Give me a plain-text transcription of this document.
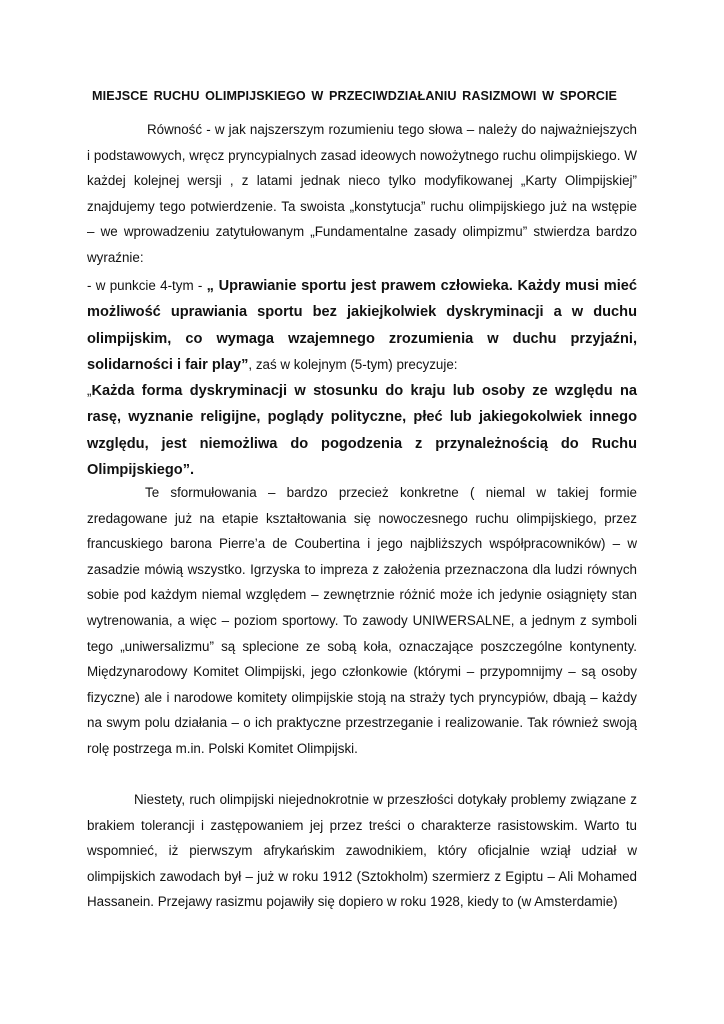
MIEJSCE RUCHU OLIMPIJSKIEGO W PRZECIWDZIAŁANIU RASIZMOWI W SPORCIE

Równość - w jak najszerszym rozumieniu tego słowa – należy do najważniejszych i podstawowych, wręcz pryncypialnych zasad ideowych nowożytnego ruchu olimpijskiego. W każdej kolejnej wersji , z latami jednak nieco tylko modyfikowanej „Karty Olimpijskiej” znajdujemy tego potwierdzenie. Ta swoista „konstytucja” ruchu olimpijskiego już na wstępie – we wprowadzeniu zatytułowanym „Fundamentalne zasady olimpizmu” stwierdza bardzo wyraźnie:

- w punkcie 4-tym - „ Uprawianie sportu jest prawem człowieka. Każdy musi mieć możliwość uprawiania sportu bez jakiejkolwiek dyskryminacji a w duchu olimpijskim, co wymaga wzajemnego zrozumienia w duchu przyjaźni, solidarności i fair play”, zaś w kolejnym (5-tym) precyzuje:
„Każda forma dyskryminacji w stosunku do kraju lub osoby ze względu na rasę, wyznanie religijne, poglądy polityczne, płeć lub jakiegokolwiek innego względu, jest niemożliwa do pogodzenia z przynależnością do Ruchu Olimpijskiego”.

Te sformułowania – bardzo przecież konkretne ( niemal w takiej formie zredagowane już na etapie kształtowania się nowoczesnego ruchu olimpijskiego, przez francuskiego barona Pierre’a de Coubertina i jego najbliższych współpracowników) – w zasadzie mówią wszystko. Igrzyska to impreza z założenia przeznaczona dla ludzi równych sobie pod każdym niemal względem – zewnętrznie różnić może ich jedynie osiągnięty stan wytrenowania, a więc – poziom sportowy. To zawody UNIWERSALNE, a jednym z symboli tego „uniwersalizmu” są splecione ze sobą koła, oznaczające poszczególne kontynenty. Międzynarodowy Komitet Olimpijski, jego członkowie (którymi – przypomnijmy – są osoby fizyczne) ale i narodowe komitety olimpijskie stoją na straży tych pryncypiów, dbają – każdy na swym polu działania – o ich praktyczne przestrzeganie i realizowanie. Tak również swoją rolę postrzega m.in. Polski Komitet Olimpijski.

Niestety, ruch olimpijski niejednokrotnie w przeszłości dotykały problemy związane z brakiem tolerancji i zastępowaniem jej przez treści o charakterze rasistowskim. Warto tu wspomnieć, iż pierwszym afrykańskim zawodnikiem, który oficjalnie wziął udział w olimpijskich zawodach był – już w roku 1912 (Sztokholm) szermierz z Egiptu – Ali Mohamed Hassanein. Przejawy rasizmu pojawiły się dopiero w roku 1928, kiedy to (w Amsterdamie)
